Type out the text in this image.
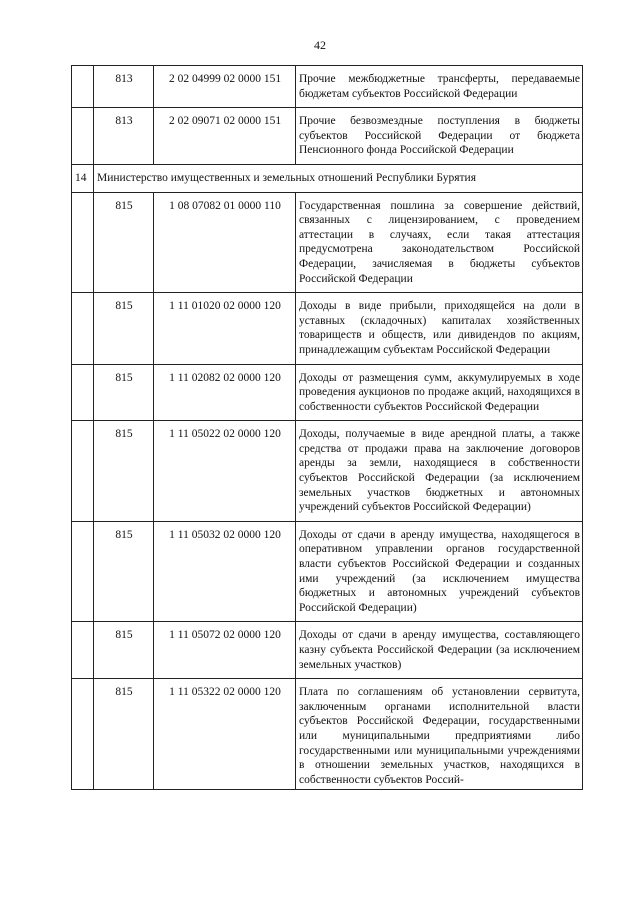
42
	813	2 02 04999 02 0000 151	Прочие межбюджетные трансферты, передаваемые бюджетам субъектов Российской Федерации
	813	2 02 09071 02 0000 151	Прочие безвозмездные поступления в бюджеты субъектов Российской Федерации от бюджета Пенсионного фонда Российской Федерации
14	Министерство имущественных и земельных отношений Республики Бурятия		
	815	1 08 07082 01 0000 110	Государственная пошлина за совершение действий, связанных с лицензированием, с проведением аттестации в случаях, если такая аттестация предусмотрена законодательством Российской Федерации, зачисляемая в бюджеты субъектов Российской Федерации
	815	1 11 01020 02 0000 120	Доходы в виде прибыли, приходящейся на доли в уставных (складочных) капиталах хозяйственных товариществ и обществ, или дивидендов по акциям, принадлежащим субъектам Российской Федерации
	815	1 11 02082 02 0000 120	Доходы от размещения сумм, аккумулируемых в ходе проведения аукционов по продаже акций, находящихся в собственности субъектов Российской Федерации
	815	1 11 05022 02 0000 120	Доходы, получаемые в виде арендной платы, а также средства от продажи права на заключение договоров аренды за земли, находящиеся в собственности субъектов Российской Федерации (за исключением земельных участков бюджетных и автономных учреждений субъектов Российской Федерации)
	815	1 11 05032 02 0000 120	Доходы от сдачи в аренду имущества, находящегося в оперативном управлении органов государственной власти субъектов Российской Федерации и созданных ими учреждений (за исключением имущества бюджетных и автономных учреждений субъектов Российской Федерации)
	815	1 11 05072 02 0000 120	Доходы от сдачи в аренду имущества, составляющего казну субъекта Российской Федерации (за исключением земельных участков)
	815	1 11 05322 02 0000 120	Плата по соглашениям об установлении сервитута, заключенным органами исполнительной власти субъектов Российской Федерации, государственными или муниципальными предприятиями либо государственными или муниципальными учреждениями в отношении земельных участков, находящихся в собственности субъектов Россий-
